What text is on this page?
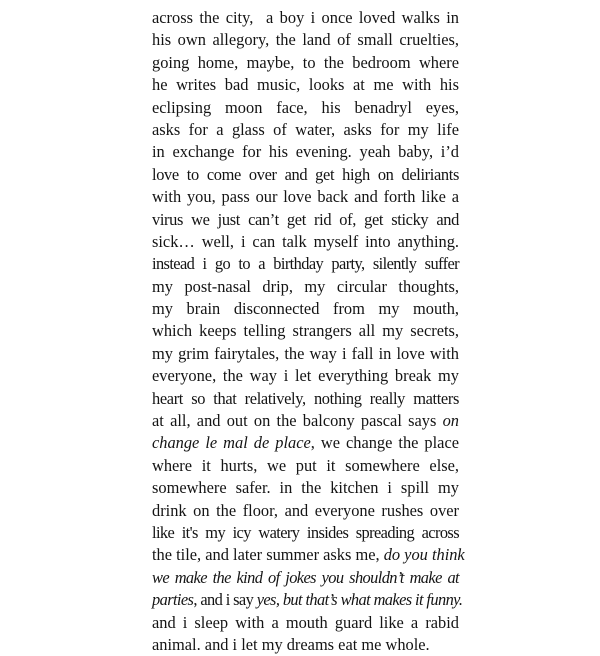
across the city,  a boy i once loved walks in
his own allegory, the land of small cruelties,
going home, maybe, to the bedroom where
he writes bad music, looks at me with his
eclipsing moon face, his benadryl eyes,
asks for a glass of water, asks for my life
in exchange for his evening. yeah baby, i’d
love to come over and get high on deliriants
with you, pass our love back and forth like a
virus we just can’t get rid of, get sticky and
sick… well, i can talk myself into anything.
instead i go to a birthday party, silently suffer
my post-nasal drip, my circular thoughts,
my brain disconnected from my mouth,
which keeps telling strangers all my secrets,
my grim fairytales, the way i fall in love with
everyone, the way i let everything break my
heart so that relatively, nothing really matters
at all, and out on the balcony pascal says on
change le mal de place, we change the place
where it hurts, we put it somewhere else,
somewhere safer. in the kitchen i spill my
drink on the floor, and everyone rushes over
like it's my icy watery insides spreading across
the tile, and later summer asks me, do you think
we make the kind of jokes you shouldn’t make at
parties, and i say yes, but that’s what makes it funny.
and i sleep with a mouth guard like a rabid
animal. and i let my dreams eat me whole.
